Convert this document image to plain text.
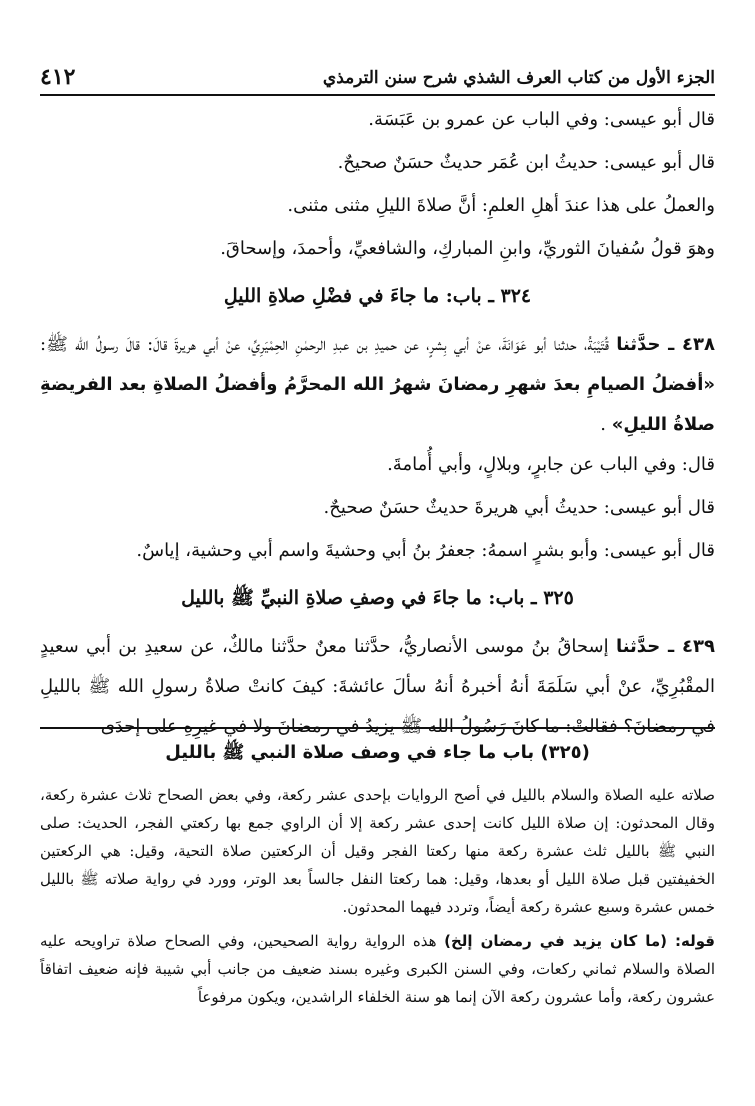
الجزء الأول من كتاب العرف الشذي شرح سنن الترمذي
٤١٢

قال أبو عيسى: وفي الباب عن عمرو بن عَبَسَة.

قال أبو عيسى: حديثُ ابن عُمَر حديثٌ حسَنٌ صحيحٌ.

والعملُ على هذا عندَ أهلِ العلمِ: أنَّ صلاةَ الليلِ مثنى مثنى.

وهوَ قولُ سُفيانَ الثوريِّ، وابنِ المباركِ، والشافعيِّ، وأحمدَ، وإسحاقَ.

٣٢٤ ـ باب: ما جاءَ في فضْلِ صلاةِ الليلِ

٤٣٨ ـ حدَّثنا قُتَيْبَةُ، حدثنا أبو عَوَانَةَ، عنْ أبي بِشرٍ، عن حميدِ بن عبدِ الرحمٰنِ الحِمْيَرِيِّ، عنْ أبي هريرةَ قالَ: قالَ رسولُ الله ﷺ: «أفضلُ الصيامِ بعدَ شهرِ رمضانَ شهرُ الله المحرَّمُ وأفضلُ الصلاةِ بعد الفريضةِ صلاةُ الليلِ» .

قال: وفي الباب عن جابرٍ، وبلالٍ، وأبي أُمامةَ.

قال أبو عيسى: حديثُ أبي هريرةَ حديثٌ حسَنٌ صحيحٌ.

قال أبو عيسى: وأبو بشرٍ اسمهُ: جعفرُ بنُ أبي وحشيةَ واسم أبي وحشية، إياسٌ.

٣٢٥ ـ باب: ما جاءَ في وصفِ صلاةِ النبيِّ ﷺ بالليل

٤٣٩ ـ حدَّثنا إسحاقُ بنُ موسى الأنصاريُّ، حدَّثنا معنٌ حدَّثنا مالكٌ، عن سعيدِ بن أبي سعيدٍ المقْبُرِيِّ، عنْ أبي سَلَمَةَ أنهُ أخبرهُ أنهُ سألَ عائشةَ: كيفَ كانتْ صلاةُ رسولِ الله ﷺ بالليلِ في رمضانَ؟ فقالتْ: ما كانَ رَسُولُ الله ﷺ يزيدُ في رمضانَ ولا في غيرِهِ على إحدَى

(٣٢٥) باب ما جاء في وصف صلاة النبي ﷺ بالليل

صلاته عليه الصلاة والسلام بالليل في أصح الروايات بإحدى عشر ركعة، وفي بعض الصحاح ثلاث عشرة ركعة، وقال المحدثون: إن صلاة الليل كانت إحدى عشر ركعة إلا أن الراوي جمع بها ركعتي الفجر، الحديث: صلى النبي ﷺ بالليل ثلث عشرة ركعة منها ركعتا الفجر وقيل أن الركعتين صلاة التحية، وقيل: هي الركعتين الخفيفتين قبل صلاة الليل أو بعدها، وقيل: هما ركعتا النفل جالساً بعد الوتر، وورد في رواية صلاته ﷺ بالليل خمس عشرة وسبع عشرة ركعة أيضاً، وتردد فيهما المحدثون.

قوله: (ما كان يزيد في رمضان إلخ) هذه الرواية رواية الصحيحين، وفي الصحاح صلاة تراويحه عليه الصلاة والسلام ثماني ركعات، وفي السنن الكبرى وغيره بسند ضعيف من جانب أبي شيبة فإنه ضعيف اتفاقاً عشرون ركعة، وأما عشرون ركعة الآن إنما هو سنة الخلفاء الراشدين، ويكون مرفوعاً
